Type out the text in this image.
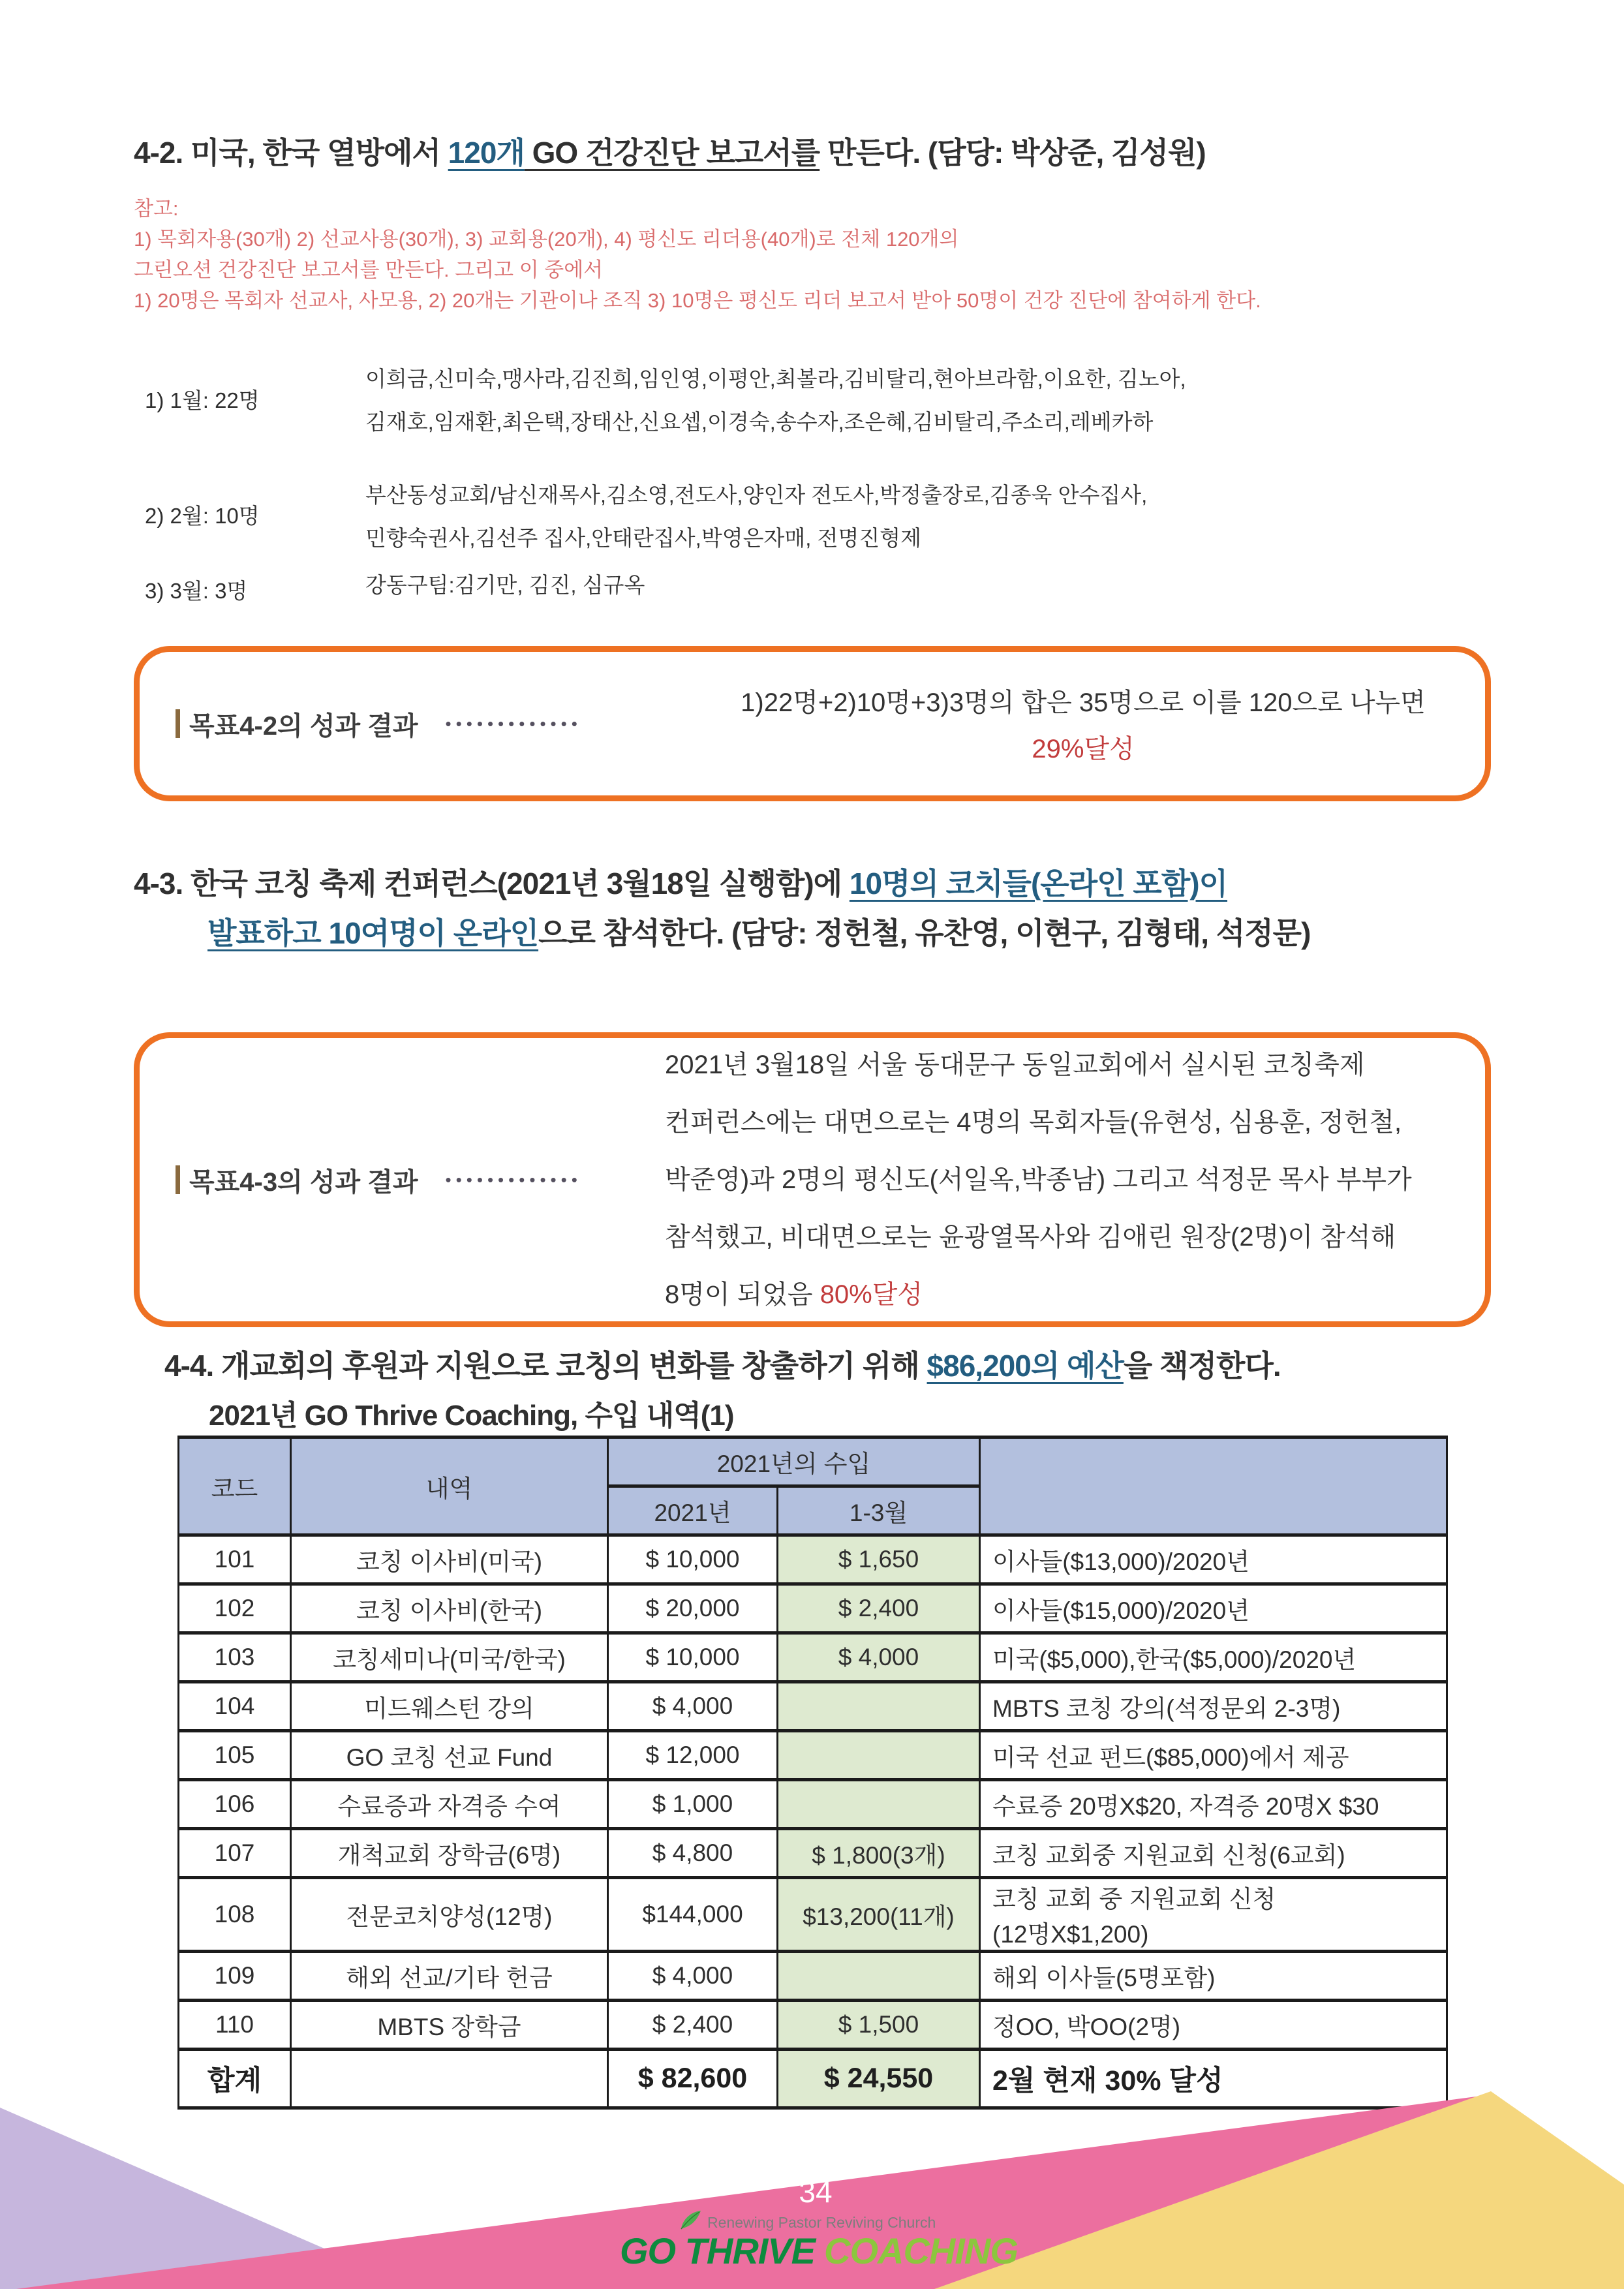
4-2. 미국, 한국 열방에서 120개 GO 건강진단 보고서를 만든다. (담당: 박상준, 김성원)
참고:
1) 목회자용(30개) 2) 선교사용(30개), 3) 교회용(20개), 4) 평신도 리더용(40개)로 전체 120개의
그린오션 건강진단 보고서를 만든다. 그리고 이 중에서
1) 20명은 목회자 선교사, 사모용, 2) 20개는 기관이나 조직 3) 10명은 평신도 리더 보고서 받아 50명이 건강 진단에 참여하게 한다.
1) 1월: 22명
이희금,신미숙,맹사라,김진희,임인영,이평안,최볼라,김비탈리,현아브라함,이요한, 김노아,
김재호,임재환,최은택,장태산,신요셉,이경숙,송수자,조은혜,김비탈리,주소리,레베카하
2) 2월: 10명
부산동성교회/남신재목사,김소영,전도사,양인자 전도사,박정출장로,김종욱 안수집사,
민향숙권사,김선주 집사,안태란집사,박영은자매, 전명진형제
3) 3월: 3명	강동구팀:김기만, 김진, 심규옥
목표4-2의 성과 결과 •••••••••••••
1)22명+2)10명+3)3명의 합은 35명으로 이를 120으로 나누면
29%달성
4-3. 한국 코칭 축제 컨퍼런스(2021년 3월18일 실행함)에 10명의 코치들(온라인 포함)이
발표하고 10여명이 온라인으로 참석한다. (담당: 정헌철, 유찬영, 이현구, 김형태, 석정문)
목표4-3의 성과 결과 •••••••••••••
2021년 3월18일 서울 동대문구 동일교회에서 실시된 코칭축제
컨퍼런스에는 대면으로는 4명의 목회자들(유현성, 심용훈, 정헌철,
박준영)과 2명의 평신도(서일옥,박종남) 그리고 석정문 목사 부부가
참석했고, 비대면으로는 윤광열목사와 김애린 원장(2명)이 참석해
8명이 되었음 80%달성
4-4. 개교회의 후원과 지원으로 코칭의 변화를 창출하기 위해 $86,200의 예산을 책정한다.
2021년 GO Thrive Coaching, 수입 내역(1)
코드	내역	2021년의 수입		
		2021년	1-3월	
101	코칭 이사비(미국)	$ 10,000	$ 1,650	이사들($13,000)/2020년
102	코칭 이사비(한국)	$ 20,000	$ 2,400	이사들($15,000)/2020년
103	코칭세미나(미국/한국)	$ 10,000	$ 4,000	미국($5,000),한국($5,000)/2020년
104	미드웨스턴 강의	$ 4,000		MBTS 코칭 강의(석정문외 2-3명)
105	GO 코칭 선교 Fund	$ 12,000		미국 선교 펀드($85,000)에서 제공
106	수료증과 자격증 수여	$ 1,000		수료증 20명X$20, 자격증 20명X $30
107	개척교회 장학금(6명)	$ 4,800	$ 1,800(3개)	코칭 교회중 지원교회 신청(6교회)
108	전문코치양성(12명)	$144,000	$13,200(11개)	코칭 교회 중 지원교회 신청
(12명X$1,200)

109	해외 선교/기타 헌금	$ 4,000		해외 이사들(5명포함)
110	MBTS 장학금	$ 2,400	$ 1,500	정OO, 박OO(2명)
합계		$ 82,600	$ 24,550	2월 현재 30% 달성
34
Renewing Pastor Reviving Church
GO THRIVE COACHING
